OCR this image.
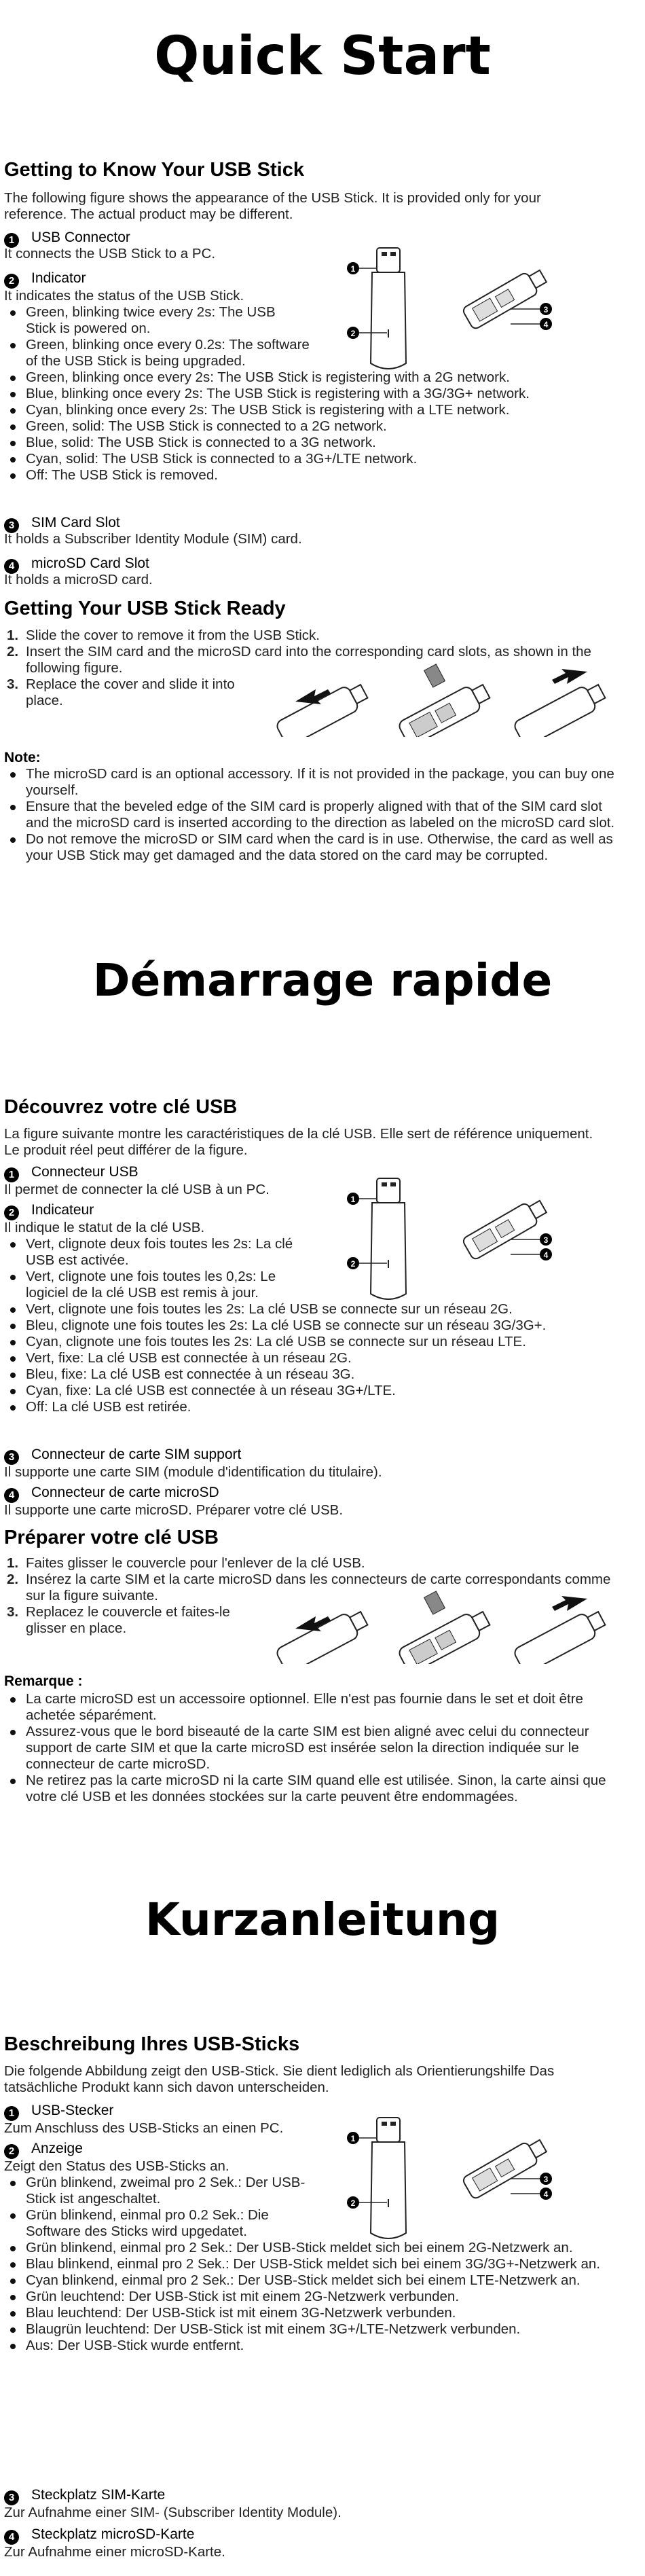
Quick Start
Getting to Know Your USB Stick
The following figure shows the appearance of the USB Stick. It is provided only for your reference. The actual product may be different.
1 USB Connector
It connects the USB Stick to a PC.
2 Indicator
It indicates the status of the USB Stick.
Green, blinking twice every 2s: The USB Stick is powered on.
Green, blinking once every 0.2s: The software of the USB Stick is being upgraded.
Green, blinking once every 2s: The USB Stick is registering with a 2G network.
Blue, blinking once every 2s: The USB Stick is registering with a 3G/3G+ network.
Cyan, blinking once every 2s: The USB Stick is registering with a LTE network.
Green, solid: The USB Stick is connected to a 2G network.
Blue, solid: The USB Stick is connected to a 3G network.
Cyan, solid: The USB Stick is connected to a 3G+/LTE network.
Off: The USB Stick is removed.
3 SIM Card Slot
It holds a Subscriber Identity Module (SIM) card.
4 microSD Card Slot
It holds a microSD card.
1
2
3
4
Getting Your USB Stick Ready
1. Slide the cover to remove it from the USB Stick.
2. Insert the SIM card and the microSD card into the corresponding card slots, as shown in the following figure.
3. Replace the cover and slide it into place.
Note:
The microSD card is an optional accessory. If it is not provided in the package, you can buy one yourself.
Ensure that the beveled edge of the SIM card is properly aligned with that of the SIM card slot and the microSD card is inserted according to the direction as labeled on the microSD card slot.
Do not remove the microSD or SIM card when the card is in use. Otherwise, the card as well as your USB Stick may get damaged and the data stored on the card may be corrupted.
Démarrage rapide
Découvrez votre clé USB
La figure suivante montre les caractéristiques de la clé USB. Elle sert de référence uniquement. Le produit réel peut différer de la figure.
1 Connecteur USB
Il permet de connecter la clé USB à un PC.
2 Indicateur
Il indique le statut de la clé USB.
Vert, clignote deux fois toutes les 2s: La clé USB est activée.
Vert, clignote une fois toutes les 0,2s: Le logiciel de la clé USB est remis à jour.
Vert, clignote une fois toutes les 2s: La clé USB se connecte sur un réseau 2G.
Bleu, clignote une fois toutes les 2s: La clé USB se connecte sur un réseau 3G/3G+.
Cyan, clignote une fois toutes les 2s: La clé USB se connecte sur un réseau LTE.
Vert, fixe: La clé USB est connectée à un réseau 2G.
Bleu, fixe: La clé USB est connectée à un réseau 3G.
Cyan, fixe: La clé USB est connectée à un réseau 3G+/LTE.
Off: La clé USB est retirée.
3 Connecteur de carte SIM support
Il supporte une carte SIM (module d'identification du titulaire).
4 Connecteur de carte microSD
Il supporte une carte microSD. Préparer votre clé USB.
1
2
3
4
Préparer votre clé USB
1. Faites glisser le couvercle pour l'enlever de la clé USB.
2. Insérez la carte SIM et la carte microSD dans les connecteurs de carte correspondants comme sur la figure suivante.
3. Replacez le couvercle et faites-le glisser en place.
Remarque :
La carte microSD est un accessoire optionnel. Elle n'est pas fournie dans le set et doit être achetée séparément.
Assurez-vous que le bord biseauté de la carte SIM est bien aligné avec celui du connecteur support de carte SIM et que la carte microSD est insérée selon la direction indiquée sur le connecteur de carte microSD.
Ne retirez pas la carte microSD ni la carte SIM quand elle est utilisée. Sinon, la carte ainsi que votre clé USB et les données stockées sur la carte peuvent être endommagées.
Kurzanleitung
Beschreibung Ihres USB-Sticks
Die folgende Abbildung zeigt den USB-Stick. Sie dient lediglich als Orientierungshilfe Das tatsächliche Produkt kann sich davon unterscheiden.
1 USB-Stecker
Zum Anschluss des USB-Sticks an einen PC.
2 Anzeige
Zeigt den Status des USB-Sticks an.
Grün blinkend, zweimal pro 2 Sek.: Der USB-Stick ist angeschaltet.
Grün blinkend, einmal pro 0.2 Sek.: Die Software des Sticks wird upgedatet.
Grün blinkend, einmal pro 2 Sek.: Der USB-Stick meldet sich bei einem 2G-Netzwerk an.
Blau blinkend, einmal pro 2 Sek.: Der USB-Stick meldet sich bei einem 3G/3G+-Netzwerk an.
Cyan blinkend, einmal pro 2 Sek.: Der USB-Stick meldet sich bei einem LTE-Netzwerk an.
Grün leuchtend: Der USB-Stick ist mit einem 2G-Netzwerk verbunden.
Blau leuchtend: Der USB-Stick ist mit einem 3G-Netzwerk verbunden.
Blaugrün leuchtend: Der USB-Stick ist mit einem 3G+/LTE-Netzwerk verbunden.
Aus: Der USB-Stick wurde entfernt.
3 Steckplatz SIM-Karte
Zur Aufnahme einer SIM- (Subscriber Identity Module).
4 Steckplatz microSD-Karte
Zur Aufnahme einer microSD-Karte.
1
2
3
4
